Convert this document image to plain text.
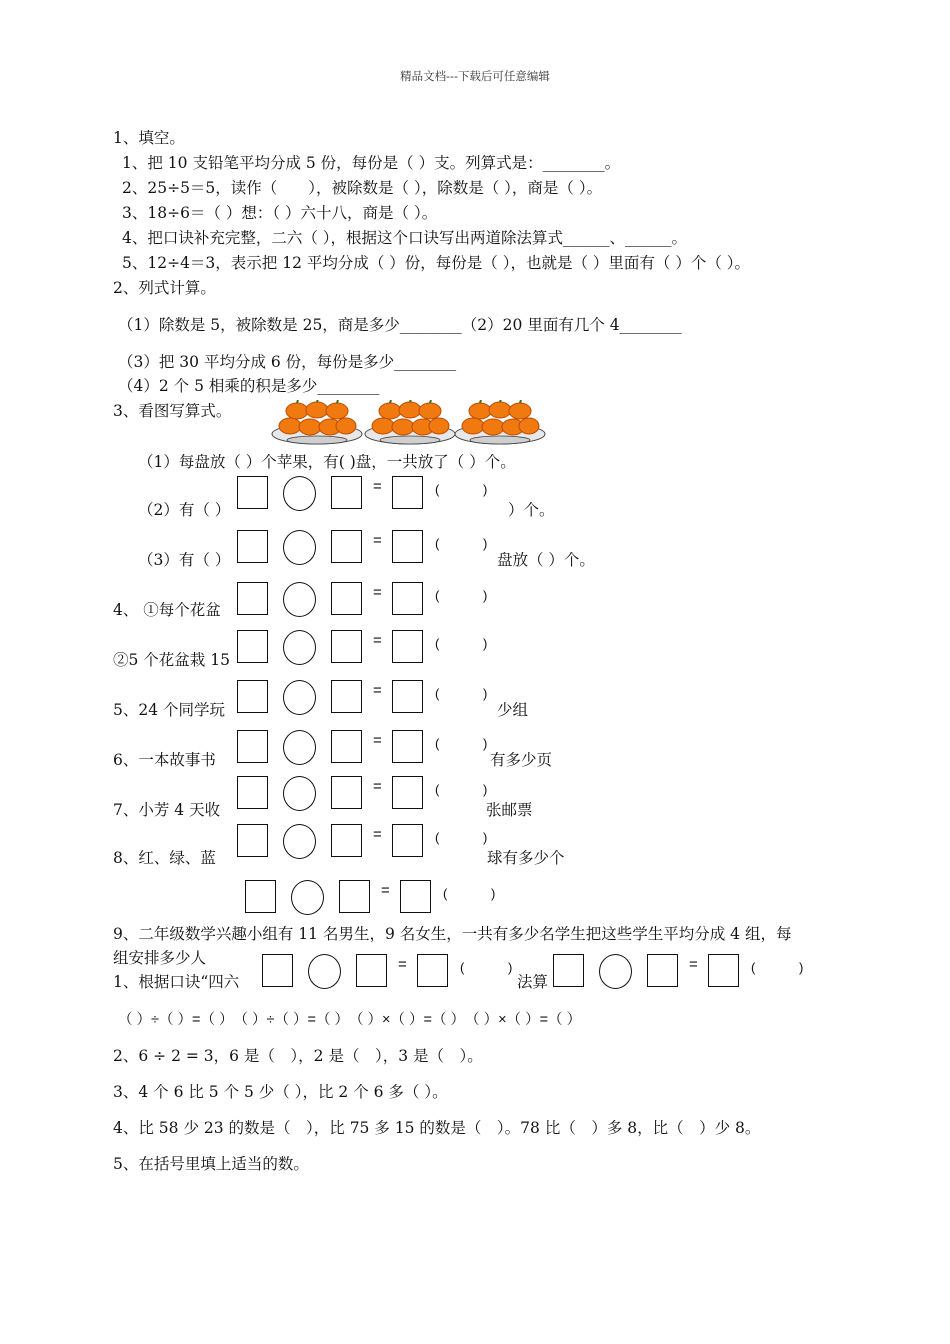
精品文档---下载后可任意编辑
1、填空。
1、把 10 支铅笔平均分成 5 份，每份是（ ）支。列算式是：________。
2、25÷5＝5，读作（　　），被除数是（ ），除数是（ ），商是（ ）。
3、18÷6＝（ ）想：（ ）六十八，商是（ ）。
4、把口诀补充完整，二六（ ），根据这个口诀写出两道除法算式______、______。
5、12÷4＝3，表示把 12 平均分成（ ）份，每份是（ ），也就是（ ）里面有（ ）个（ ）。
2、列式计算。
（1）除数是 5，被除数是 25，商是多少________（2）20 里面有几个 4________
（3）把 30 平均分成 6 份，每份是多少________
（4）2 个 5 相乘的积是多少________
3、看图写算式。
（1）每盘放（ ）个苹果，有( )盘，一共放了（ ）个。
（2）有（ ）	）个。
（3）有（ ）	盘放（ ）个。
4、 ①每个花盆
②5 个花盆栽 15
5、24 个同学玩	少组
6、一本故事书	有多少页
7、小芳 4 天收	张邮票
8、红、绿、蓝	球有多少个
=	(	)
=	(	)
=	(	)
=	(	)
=	(	)
=	(	)
=	(	)
=	(	)
=	(	)
9、二年级数学兴趣小组有 11 名男生，9 名女生，一共有多少名学生把这些学生平均分成 4 组，每
组安排多少人
1、根据口诀“四六	法算
=	(	)	=	(	)
（ ）÷（ ）=（ ）　（ ）÷（ ）=（ ）　（ ）×（ ）=（ ）　（ ）×（ ）=（ ）
2、6 ÷ 2 = 3，6 是（　），2 是（　），3 是（　）。
3、4 个 6 比 5 个 5 少（ ），比 2 个 6 多（ ）。
4、比 58 少 23 的数是（　），比 75 多 15 的数是（　）。78 比（　）多 8，比（　）少 8。
5、在括号里填上适当的数。
